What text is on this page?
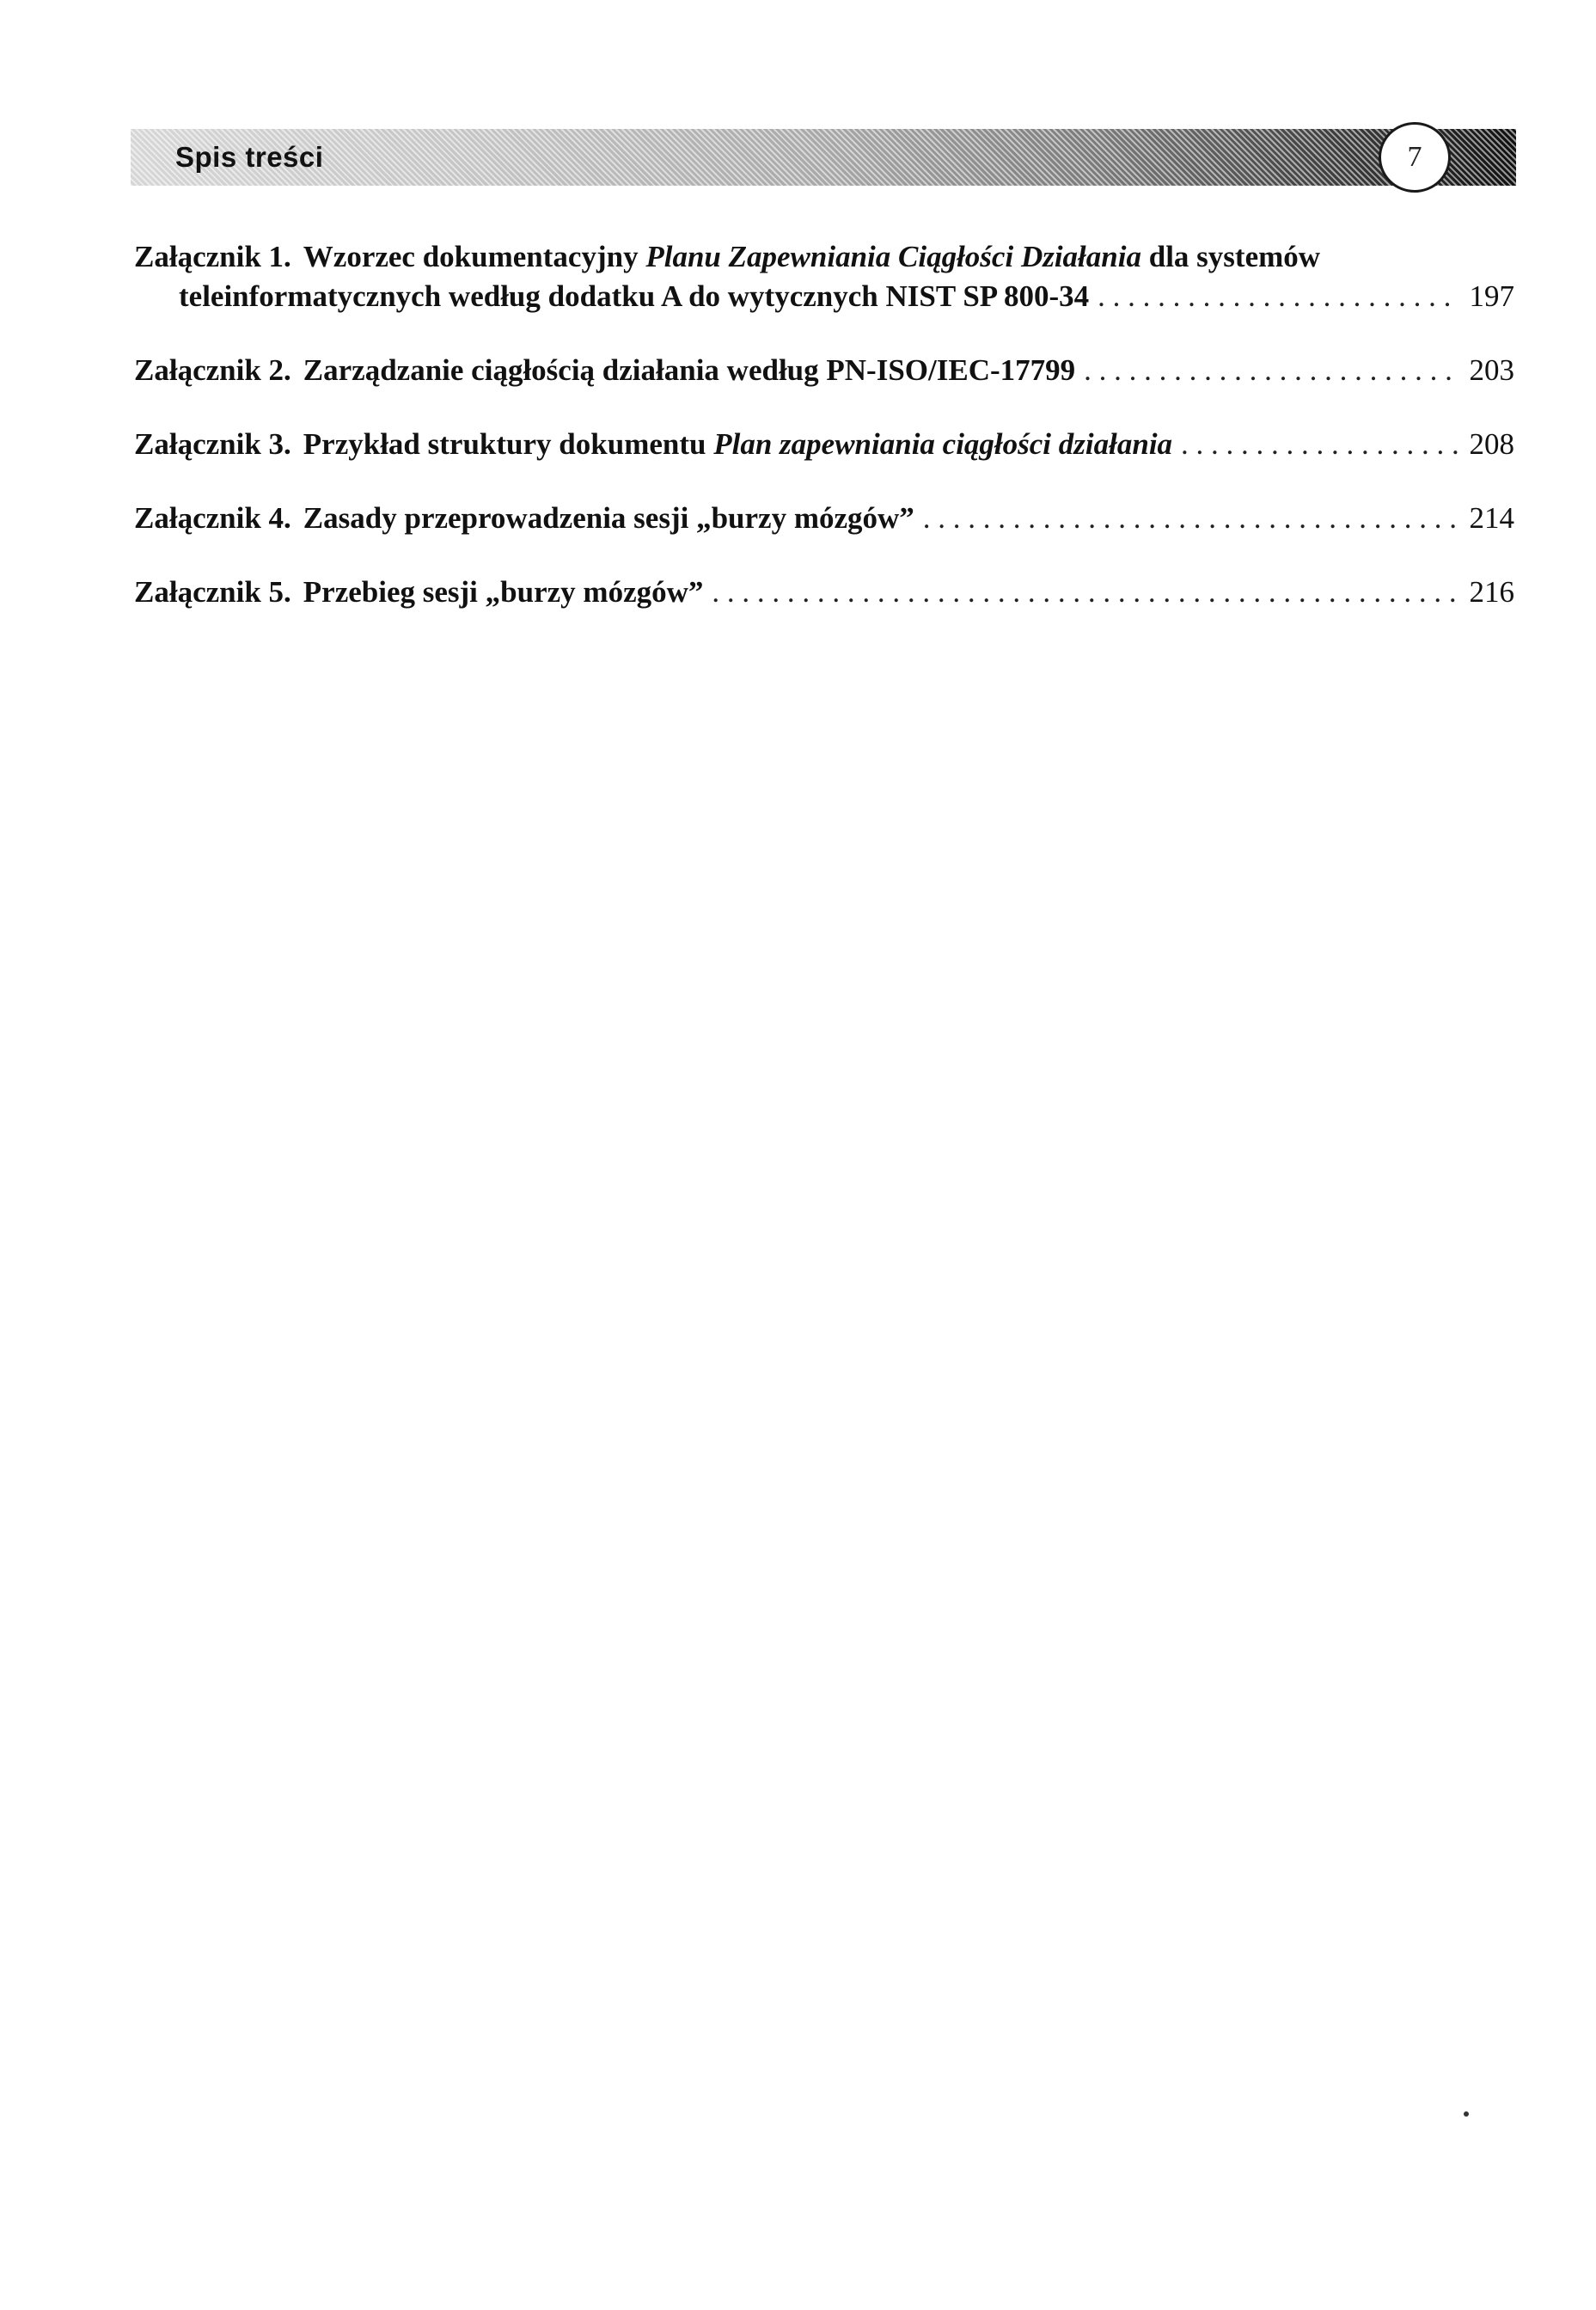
Spis treści	7
Załącznik 1. Wzorzec dokumentacyjny Planu Zapewniania Ciągłości Działania dla systemów
teleinformatycznych według dodatku A do wytycznych NIST SP 800-34 . . .	197
Załącznik 2. Zarządzanie ciągłością działania według PN-ISO/IEC-17799 . . .	203
Załącznik 3. Przykład struktury dokumentu Plan zapewniania ciągłości działania . . .	208
Załącznik 4. Zasady przeprowadzenia sesji „burzy mózgów” . . .	214
Załącznik 5. Przebieg sesji „burzy mózgów” . . .	216
